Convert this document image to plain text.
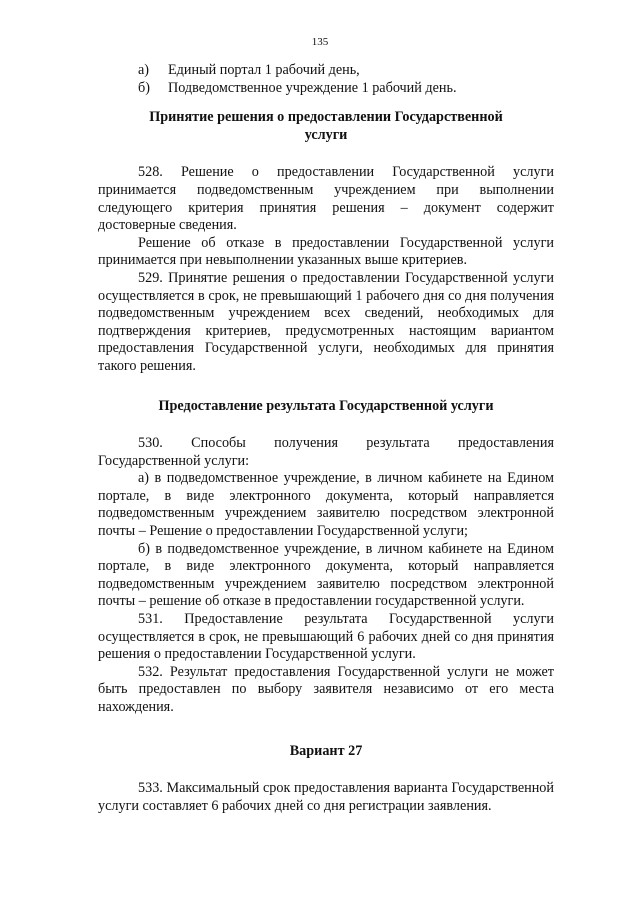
135
а)	Единый портал 1 рабочий день,
б)	Подведомственное учреждение 1 рабочий день.

Принятие решения о предоставлении Государственной услуги

528. Решение о предоставлении Государственной услуги принимается подведомственным учреждением при выполнении следующего критерия принятия решения – документ содержит достоверные сведения.

Решение об отказе в предоставлении Государственной услуги принимается при невыполнении указанных выше критериев.

529. Принятие решения о предоставлении Государственной услуги осуществляется в срок, не превышающий 1 рабочего дня со дня получения подведомственным учреждением всех сведений, необходимых для подтверждения критериев, предусмотренных настоящим вариантом предоставления Государственной услуги, необходимых для принятия такого решения.

Предоставление результата Государственной услуги

530. Способы получения результата предоставления Государственной услуги:

а) в подведомственное учреждение, в личном кабинете на Едином портале, в виде электронного документа, который направляется подведомственным учреждением заявителю посредством электронной почты – Решение о предоставлении Государственной услуги;

б) в подведомственное учреждение, в личном кабинете на Едином портале, в виде электронного документа, который направляется подведомственным учреждением заявителю посредством электронной почты – решение об отказе в предоставлении государственной услуги.

531. Предоставление результата Государственной услуги осуществляется в срок, не превышающий 6 рабочих дней со дня принятия решения о предоставлении Государственной услуги.

532. Результат предоставления Государственной услуги не может быть предоставлен по выбору заявителя независимо от его места нахождения.

Вариант 27

533. Максимальный срок предоставления варианта Государственной услуги составляет 6 рабочих дней со дня регистрации заявления.
